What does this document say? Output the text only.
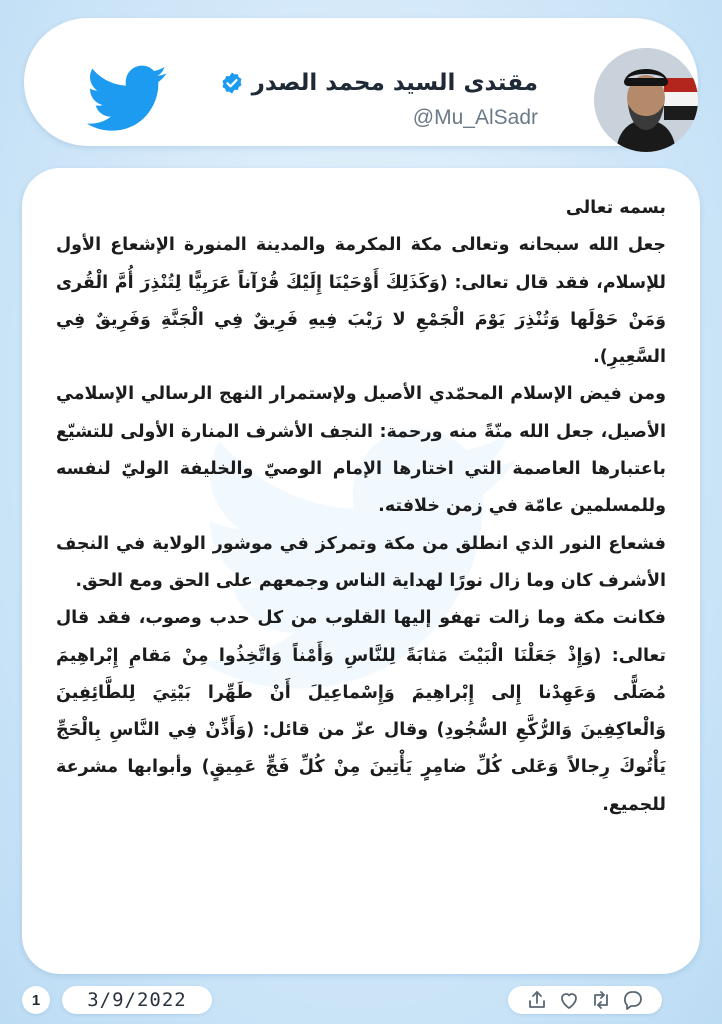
مقتدى السيد محمد الصدر
@Mu_AlSadr

بسمه تعالى

جعل الله سبحانه وتعالى مكة المكرمة والمدينة المنورة الإشعاع الأول للإسلام، فقد قال تعالى: (وَكَذَلِكَ أَوْحَيْنَا إِلَيْكَ قُرْآناً عَرَبِيًّا لِتُنْذِرَ أُمَّ الْقُرى وَمَنْ حَوْلَها وَتُنْذِرَ يَوْمَ الْجَمْعِ لا رَيْبَ فِيهِ فَرِيقٌ فِي الْجَنَّةِ وَفَرِيقٌ فِي السَّعِيرِ).

ومن فيض الإسلام المحمّدي الأصيل ولإستمرار النهج الرسالي الإسلامي الأصيل، جعل الله منّةً منه ورحمة: النجف الأشرف المنارة الأولى للتشيّع باعتبارها العاصمة التي اختارها الإمام الوصيّ والخليفة الوليّ لنفسه وللمسلمين عامّة في زمن خلافته.

فشعاع النور الذي انطلق من مكة وتمركز في موشور الولاية في النجف الأشرف كان وما زال نورًا لهداية الناس وجمعهم على الحق ومع الحق.

فكانت مكة وما زالت تهفو إليها القلوب من كل حدب وصوب، فقد قال تعالى: (وَإِذْ جَعَلْنَا الْبَيْتَ مَثابَةً لِلنَّاسِ وَأَمْناً وَاتَّخِذُوا مِنْ مَقامِ إِبْراهِيمَ مُصَلًّى وَعَهِدْنا إِلى إِبْراهِيمَ وَإِسْماعِيلَ أَنْ طَهِّرا بَيْتِيَ لِلطَّائِفِينَ وَالْعاكِفِينَ وَالرُّكَّعِ السُّجُودِ) وقال عزّ من قائل: (وَأَذِّنْ فِي النَّاسِ بِالْحَجِّ يَأْتُوكَ رِجالاً وَعَلى كُلِّ ضامِرٍ يَأْتِينَ مِنْ كُلِّ فَجٍّ عَمِيقٍ) وأبوابها مشرعة للجميع.

1	3/9/2022
